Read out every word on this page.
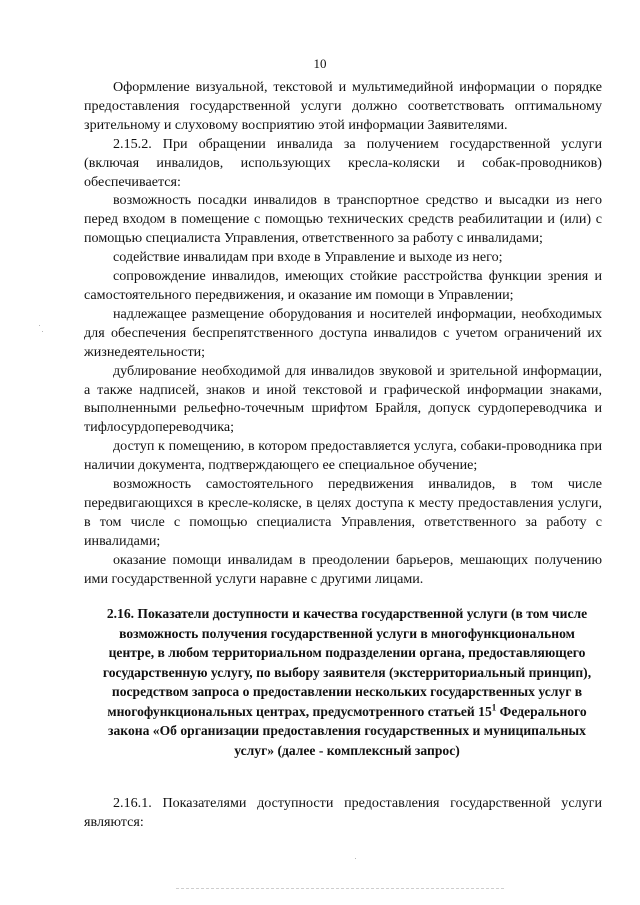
10

Оформление визуальной, текстовой и мультимедийной информации о порядке предоставления государственной услуги должно соответствовать оптимальному зрительному и слуховому восприятию этой информации Заявителями.

2.15.2. При обращении инвалида за получением государственной услуги (включая инвалидов, использующих кресла-коляски и собак-проводников) обеспечивается:

возможность посадки инвалидов в транспортное средство и высадки из него перед входом в помещение с помощью технических средств реабилитации и (или) с помощью специалиста Управления, ответственного за работу с инвалидами;

содействие инвалидам при входе в Управление и выходе из него;

сопровождение инвалидов, имеющих стойкие расстройства функции зрения и самостоятельного передвижения, и оказание им помощи в Управлении;

надлежащее размещение оборудования и носителей информации, необходимых для обеспечения беспрепятственного доступа инвалидов с учетом ограничений их жизнедеятельности;

дублирование необходимой для инвалидов звуковой и зрительной информации, а также надписей, знаков и иной текстовой и графической информации знаками, выполненными рельефно-точечным шрифтом Брайля, допуск сурдопереводчика и тифлосурдопереводчика;

доступ к помещению, в котором предоставляется услуга, собаки-проводника при наличии документа, подтверждающего ее специальное обучение;

возможность самостоятельного передвижения инвалидов, в том числе передвигающихся в кресле-коляске, в целях доступа к месту предоставления услуги, в том числе с помощью специалиста Управления, ответственного за работу с инвалидами;

оказание помощи инвалидам в преодолении барьеров, мешающих получению ими государственной услуги наравне с другими лицами.

2.16. Показатели доступности и качества государственной услуги (в том числе возможность получения государственной услуги в многофункциональном центре, в любом территориальном подразделении органа, предоставляющего государственную услугу, по выбору заявителя (экстерриториальный принцип), посредством запроса о предоставлении нескольких государственных услуг в многофункциональных центрах, предусмотренного статьей $15^1$ Федерального закона «Об организации предоставления государственных и муниципальных услуг» (далее - комплексный запрос)

2.16.1. Показателями доступности предоставления государственной услуги являются:
